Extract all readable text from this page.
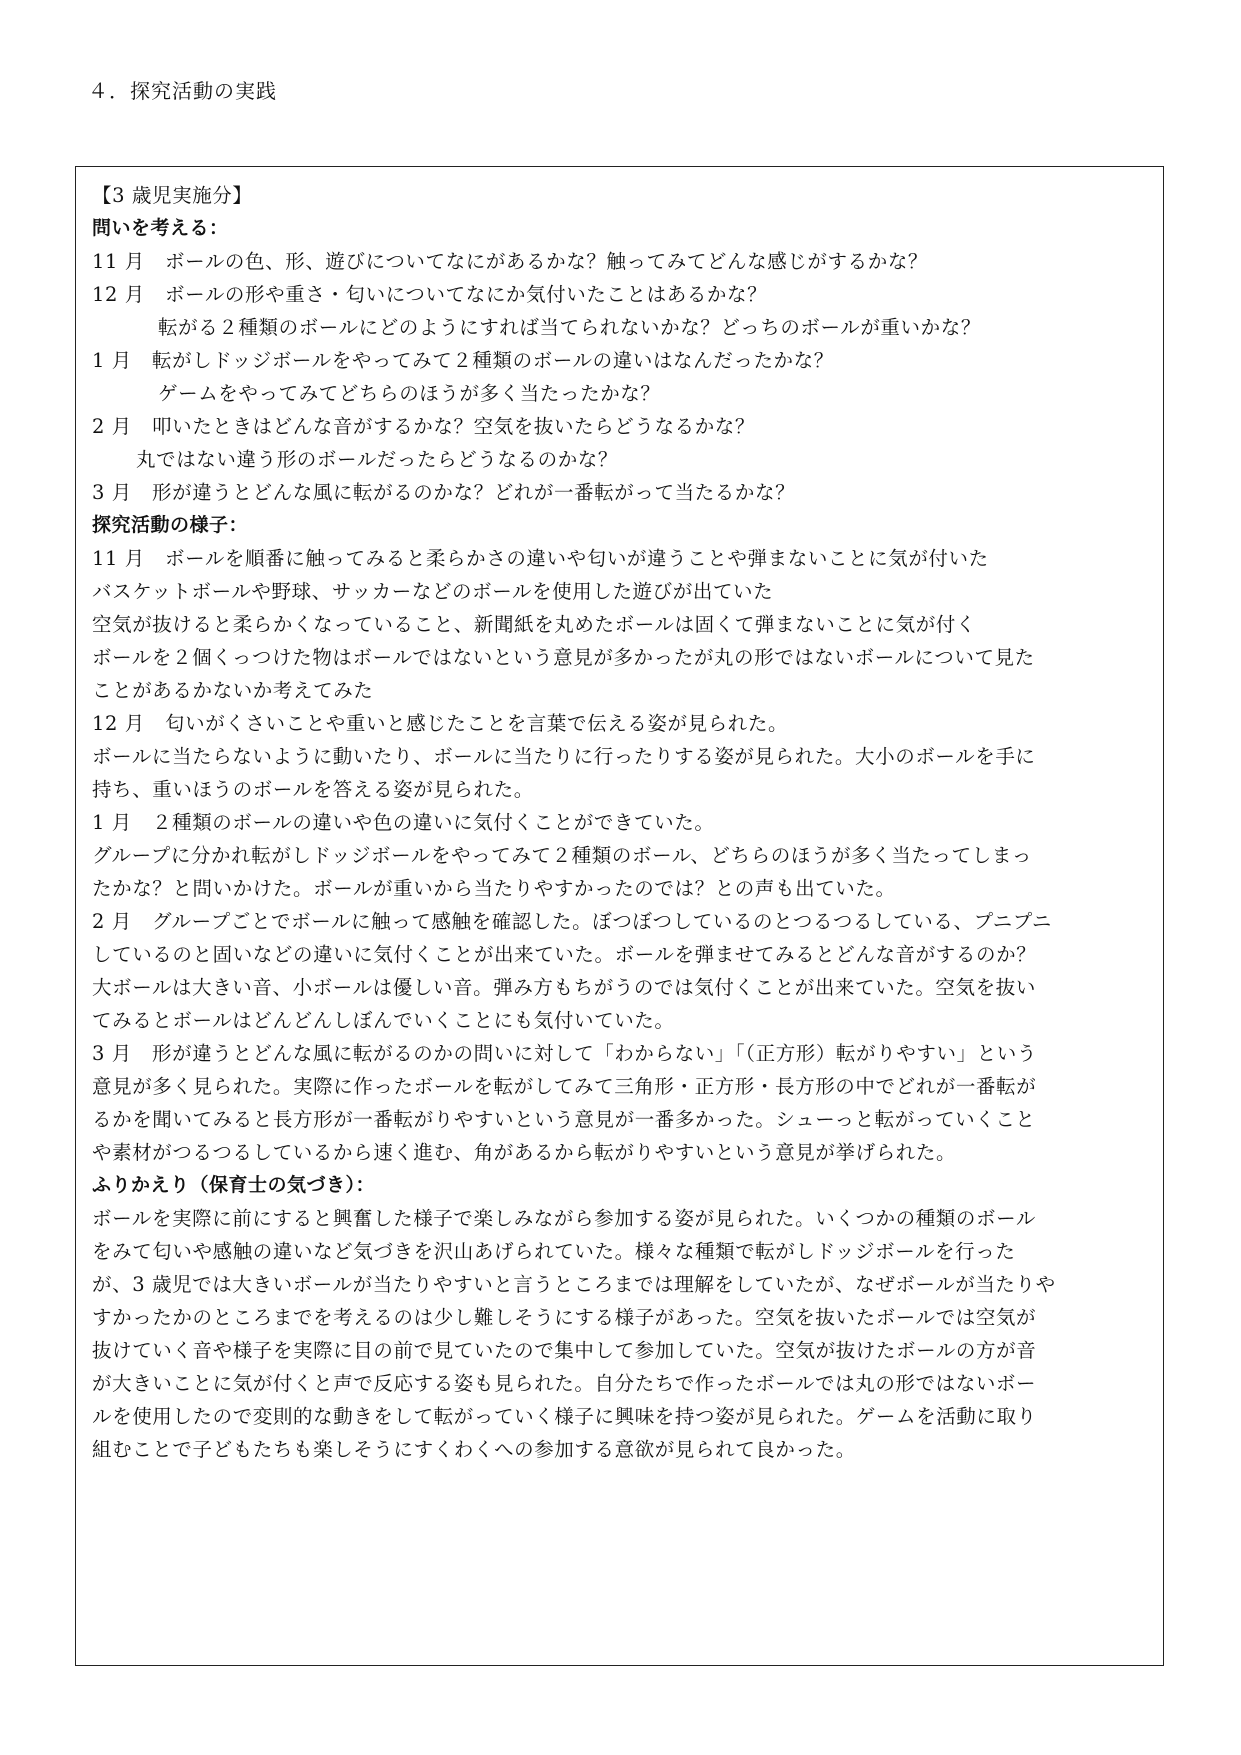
４．探究活動の実践
【3 歳児実施分】
問いを考える：
11 月　ボールの色、形、遊びについてなにがあるかな？触ってみてどんな感じがするかな？
12 月　ボールの形や重さ・匂いについてなにか気付いたことはあるかな？
転がる２種類のボールにどのようにすれば当てられないかな？どっちのボールが重いかな？
1 月　転がしドッジボールをやってみて２種類のボールの違いはなんだったかな？
ゲームをやってみてどちらのほうが多く当たったかな？
2 月　叩いたときはどんな音がするかな？空気を抜いたらどうなるかな？
丸ではない違う形のボールだったらどうなるのかな？
3 月　形が違うとどんな風に転がるのかな？どれが一番転がって当たるかな？
探究活動の様子：
11 月　ボールを順番に触ってみると柔らかさの違いや匂いが違うことや弾まないことに気が付いた
バスケットボールや野球、サッカーなどのボールを使用した遊びが出ていた
空気が抜けると柔らかくなっていること、新聞紙を丸めたボールは固くて弾まないことに気が付く
ボールを２個くっつけた物はボールではないという意見が多かったが丸の形ではないボールについて見た
ことがあるかないか考えてみた
12 月　匂いがくさいことや重いと感じたことを言葉で伝える姿が見られた。
ボールに当たらないように動いたり、ボールに当たりに行ったりする姿が見られた。大小のボールを手に
持ち、重いほうのボールを答える姿が見られた。
1 月　２種類のボールの違いや色の違いに気付くことができていた。
グループに分かれ転がしドッジボールをやってみて２種類のボール、どちらのほうが多く当たってしまっ
たかな？と問いかけた。ボールが重いから当たりやすかったのでは？との声も出ていた。
2 月　グループごとでボールに触って感触を確認した。ぼつぼつしているのとつるつるしている、プニプニ
しているのと固いなどの違いに気付くことが出来ていた。ボールを弾ませてみるとどんな音がするのか？
大ボールは大きい音、小ボールは優しい音。弾み方もちがうのでは気付くことが出来ていた。空気を抜い
てみるとボールはどんどんしぼんでいくことにも気付いていた。
3 月　形が違うとどんな風に転がるのかの問いに対して「わからない」「（正方形）転がりやすい」という
意見が多く見られた。実際に作ったボールを転がしてみて三角形・正方形・長方形の中でどれが一番転が
るかを聞いてみると長方形が一番転がりやすいという意見が一番多かった。シューっと転がっていくこと
や素材がつるつるしているから速く進む、角があるから転がりやすいという意見が挙げられた。
ふりかえり（保育士の気づき）：
ボールを実際に前にすると興奮した様子で楽しみながら参加する姿が見られた。いくつかの種類のボール
をみて匂いや感触の違いなど気づきを沢山あげられていた。様々な種類で転がしドッジボールを行った
が、3 歳児では大きいボールが当たりやすいと言うところまでは理解をしていたが、なぜボールが当たりや
すかったかのところまでを考えるのは少し難しそうにする様子があった。空気を抜いたボールでは空気が
抜けていく音や様子を実際に目の前で見ていたので集中して参加していた。空気が抜けたボールの方が音
が大きいことに気が付くと声で反応する姿も見られた。自分たちで作ったボールでは丸の形ではないボー
ルを使用したので変則的な動きをして転がっていく様子に興味を持つ姿が見られた。ゲームを活動に取り
組むことで子どもたちも楽しそうにすくわくへの参加する意欲が見られて良かった。
